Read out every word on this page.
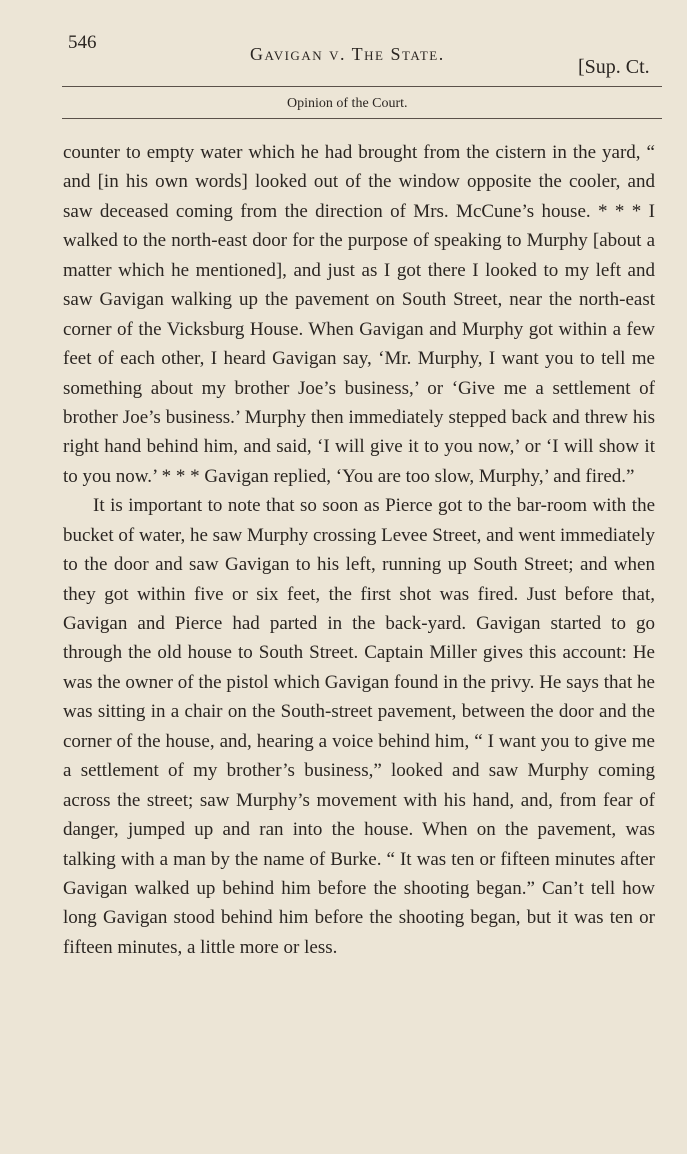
546
Gavigan v. The State.
[Sup. Ct.
Opinion of the Court.

counter to empty water which he had brought from the cistern in the yard, “ and [in his own words] looked out of the window opposite the cooler, and saw deceased coming from the direction of Mrs. McCune’s house. * * * I walked to the north-east door for the purpose of speaking to Murphy [about a matter which he mentioned], and just as I got there I looked to my left and saw Gavigan walking up the pavement on South Street, near the north-east corner of the Vicksburg House. When Gavigan and Murphy got within a few feet of each other, I heard Gavigan say, ‘Mr. Murphy, I want you to tell me something about my brother Joe’s business,’ or ‘Give me a settlement of brother Joe’s business.’ Murphy then immediately stepped back and threw his right hand behind him, and said, ‘I will give it to you now,’ or ‘I will show it to you now.’ * * * Gavigan replied, ‘You are too slow, Murphy,’ and fired.”

It is important to note that so soon as Pierce got to the bar-room with the bucket of water, he saw Murphy crossing Levee Street, and went immediately to the door and saw Gavigan to his left, running up South Street; and when they got within five or six feet, the first shot was fired. Just before that, Gavigan and Pierce had parted in the back-yard. Gavigan started to go through the old house to South Street. Captain Miller gives this account: He was the owner of the pistol which Gavigan found in the privy. He says that he was sitting in a chair on the South-street pavement, between the door and the corner of the house, and, hearing a voice behind him, “ I want you to give me a settlement of my brother’s business,” looked and saw Murphy coming across the street; saw Murphy’s movement with his hand, and, from fear of danger, jumped up and ran into the house. When on the pavement, was talking with a man by the name of Burke. “ It was ten or fifteen minutes after Gavigan walked up behind him before the shooting began.” Can’t tell how long Gavigan stood behind him before the shooting began, but it was ten or fifteen minutes, a little more or less.
